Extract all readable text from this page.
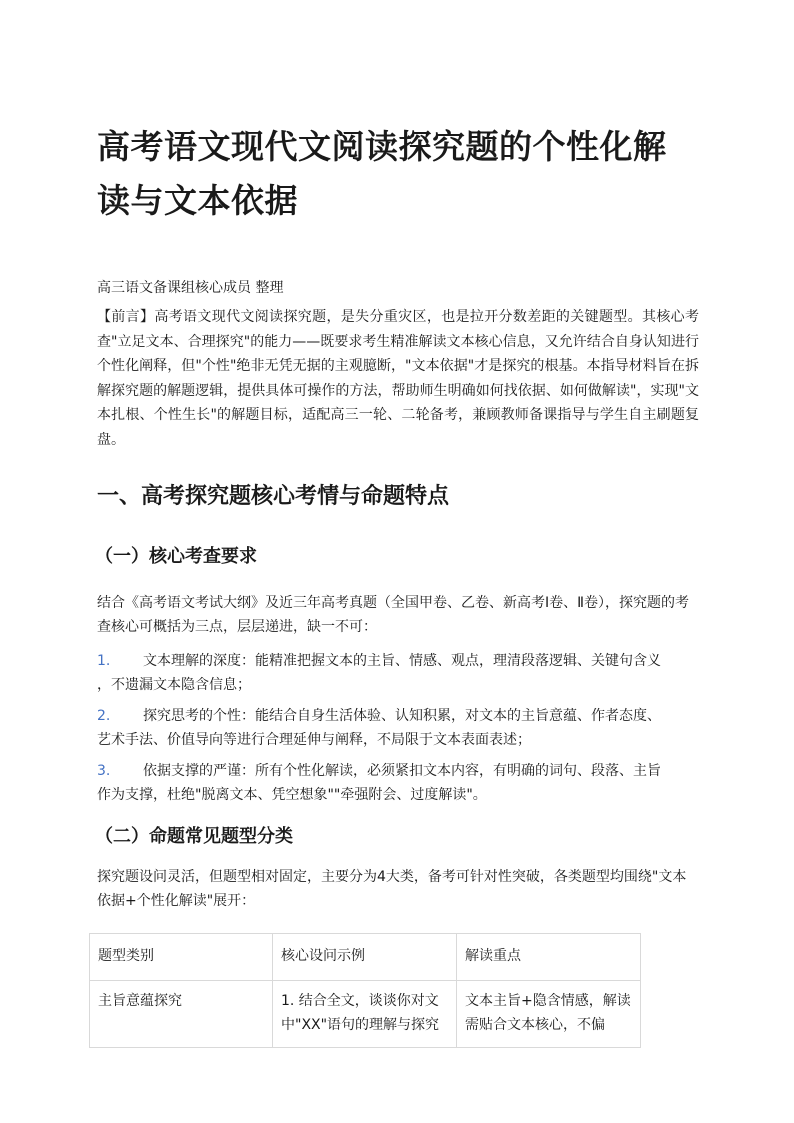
高考语文现代文阅读探究题的个性化解读与文本依据

高三语文备课组核心成员 整理

【前言】高考语文现代文阅读探究题，是失分重灾区，也是拉开分数差距的关键题型。其核心考查"立足文本、合理探究"的能力——既要求考生精准解读文本核心信息，又允许结合自身认知进行个性化阐释，但"个性"绝非无凭无据的主观臆断，"文本依据"才是探究的根基。本指导材料旨在拆解探究题的解题逻辑，提供具体可操作的方法，帮助师生明确如何找依据、如何做解读"，实现"文本扎根、个性生长"的解题目标，适配高三一轮、二轮备考，兼顾教师备课指导与学生自主刷题复盘。

一、高考探究题核心考情与命题特点
（一）核心考查要求

结合《高考语文考试大纲》及近三年高考真题（全国甲卷、乙卷、新高考Ⅰ卷、Ⅱ卷），探究题的考查核心可概括为三点，层层递进，缺一不可：

1. 文本理解的深度：能精准把握文本的主旨、情感、观点，理清段落逻辑、关键句含义
，不遗漏文本隐含信息；
2. 探究思考的个性：能结合自身生活体验、认知积累，对文本的主旨意蕴、作者态度、
艺术手法、价值导向等进行合理延伸与阐释，不局限于文本表面表述；
3. 依据支撑的严谨：所有个性化解读，必须紧扣文本内容，有明确的词句、段落、主旨
作为支撑，杜绝"脱离文本、凭空想象""牵强附会、过度解读"。
（二）命题常见题型分类

探究题设问灵活，但题型相对固定，主要分为4大类，备考可针对性突破，各类题型均围绕"文本依据+个性化解读"展开：

题型类别	核心设问示例	解读重点
主旨意蕴探究	1. 结合全文，谈谈你对文中"XX"语句的理解与探究	文本主旨+隐含情感，解读需贴合文本核心，不偏
